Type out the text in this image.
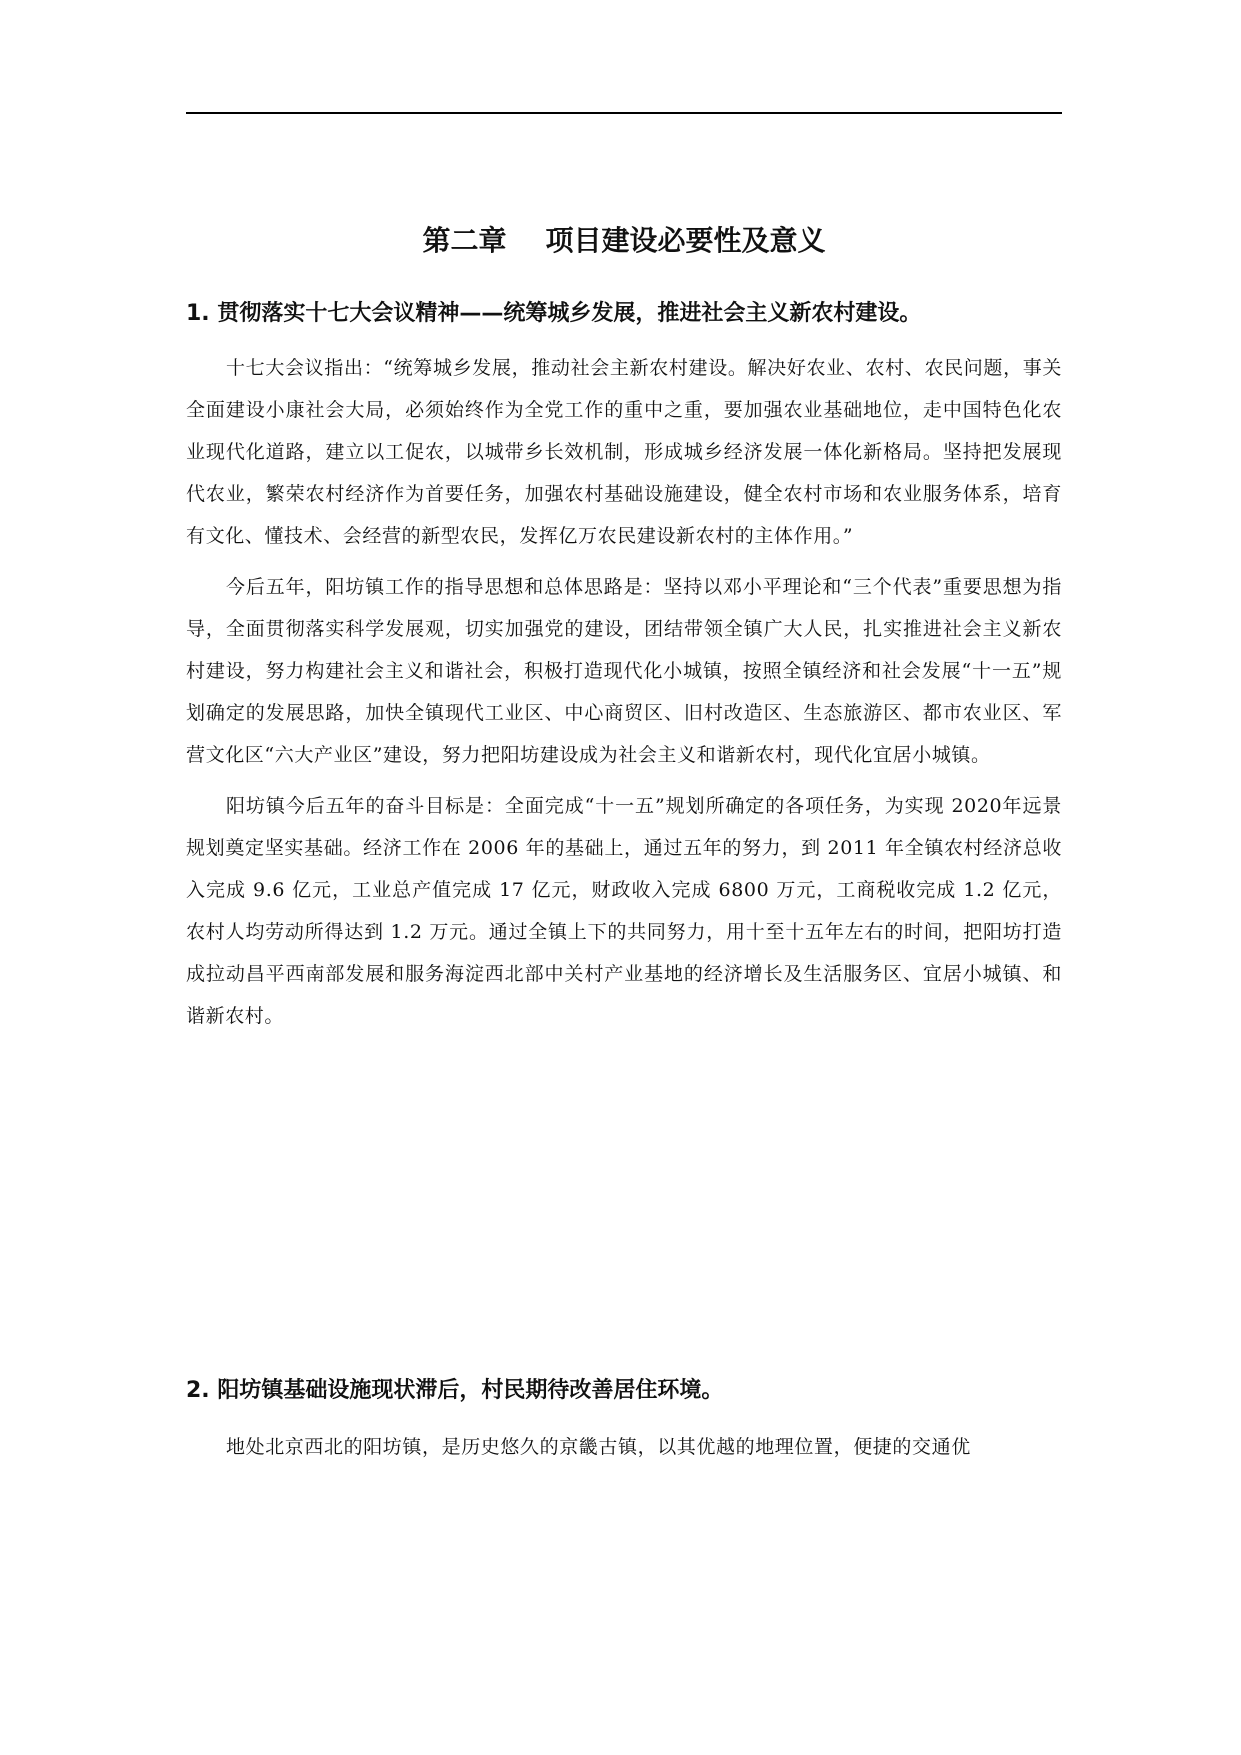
第二章    项目建设必要性及意义
1. 贯彻落实十七大会议精神——统筹城乡发展，推进社会主义新农村建设。

十七大会议指出：“统筹城乡发展，推动社会主新农村建设。解决好农业、农村、农民问题，事关全面建设小康社会大局，必须始终作为全党工作的重中之重，要加强农业基础地位，走中国特色化农业现代化道路，建立以工促农，以城带乡长效机制，形成城乡经济发展一体化新格局。坚持把发展现代农业，繁荣农村经济作为首要任务，加强农村基础设施建设，健全农村市场和农业服务体系，培育有文化、懂技术、会经营的新型农民，发挥亿万农民建设新农村的主体作用。”

今后五年，阳坊镇工作的指导思想和总体思路是：坚持以邓小平理论和“三个代表”重要思想为指导，全面贯彻落实科学发展观，切实加强党的建设，团结带领全镇广大人民，扎实推进社会主义新农村建设，努力构建社会主义和谐社会，积极打造现代化小城镇，按照全镇经济和社会发展“十一五”规划确定的发展思路，加快全镇现代工业区、中心商贸区、旧村改造区、生态旅游区、都市农业区、军营文化区“六大产业区”建设，努力把阳坊建设成为社会主义和谐新农村，现代化宜居小城镇。

阳坊镇今后五年的奋斗目标是：全面完成“十一五”规划所确定的各项任务，为实现 2020年远景规划奠定坚实基础。经济工作在 2006 年的基础上，通过五年的努力，到 2011 年全镇农村经济总收入完成 9.6 亿元，工业总产值完成 17 亿元，财政收入完成 6800 万元，工商税收完成 1.2 亿元，农村人均劳动所得达到 1.2 万元。通过全镇上下的共同努力，用十至十五年左右的时间，把阳坊打造成拉动昌平西南部发展和服务海淀西北部中关村产业基地的经济增长及生活服务区、宜居小城镇、和谐新农村。

2. 阳坊镇基础设施现状滞后，村民期待改善居住环境。

地处北京西北的阳坊镇，是历史悠久的京畿古镇，以其优越的地理位置，便捷的交通优
